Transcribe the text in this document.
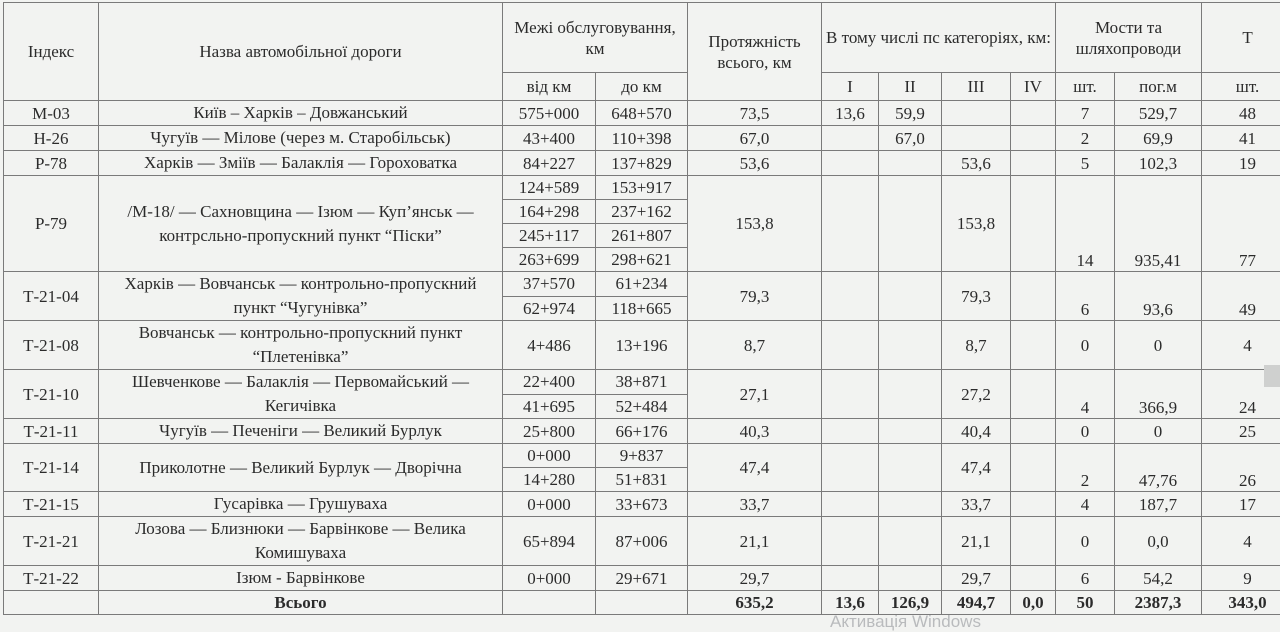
Індекс	Назва автомобільної дороги	Межі обслуговування, км		Протяжність всього, км	В тому числі пс категоріях, км:				Мости та шляхопроводи		Т
		від км	до км		I	II	III	IV	шт.	пог.м	шт.
М-03	Київ – Харків – Довжанський	575+000	648+570	73,5	13,6	59,9			7	529,7	48
Н-26	Чугуїв — Мілове (через м. Старобільськ)	43+400	110+398	67,0		67,0			2	69,9	41
Р-78	Харків — Зміїв — Балаклія — Гороховатка	84+227	137+829	53,6			53,6		5	102,3	19
Р-79	/М-18/ — Сахновщина — Ізюм — Куп’янськ — контрсльно-пропускний пункт “Піски”	124+589	153+917	153,8			153,8		14	935,41	77
		164+298	237+162								
		245+117	261+807								
		263+699	298+621								
Т-21-04	Харків — Вовчанськ — контрольно-пропускний пункт “Чугунівка”	37+570	61+234	79,3			79,3		6	93,6	49
		62+974	118+665								
Т-21-08	Вовчанськ — контрольно-пропускний пункт “Плетенівка”	4+486	13+196	8,7			8,7		0	0	4
Т-21-10	Шевченкове — Балаклія — Первомайський — Кегичівка	22+400	38+871	27,1			27,2		4	366,9	24
		41+695	52+484								
Т-21-11	Чугуїв — Печеніги — Великий Бурлук	25+800	66+176	40,3			40,4		0	0	25
Т-21-14	Приколотне — Великий Бурлук — Дворічна	0+000	9+837	47,4			47,4		2	47,76	26
		14+280	51+831								
Т-21-15	Гусарівка — Грушуваха	0+000	33+673	33,7			33,7		4	187,7	17
Т-21-21	Лозова — Близнюки — Барвінкове — Велика Комишуваха	65+894	87+006	21,1			21,1		0	0,0	4
Т-21-22	Ізюм - Барвінкове	0+000	29+671	29,7			29,7		6	54,2	9
	Всього			635,2	13,6	126,9	494,7	0,0	50	2387,3	343,0
Активація Windows
